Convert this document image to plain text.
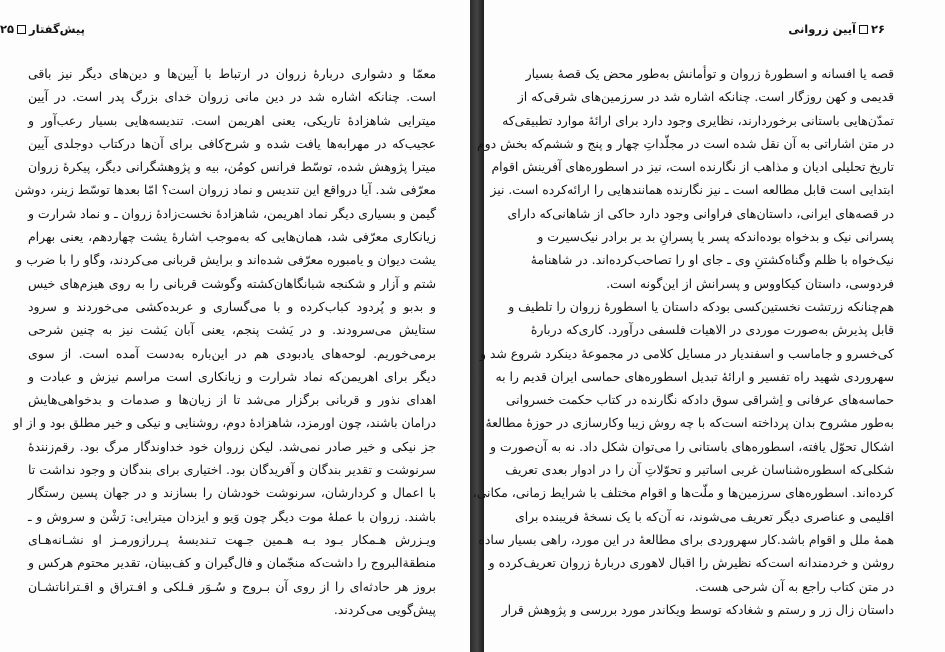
پیش‌گفتار۲۵
معمّا و دشواری دربارهٔ زروان در ارتباط با آیین‌ها و دین‌های دیگر نیز باقی
است. چنانکه اشاره شد در دین مانی زروان خدای بزرگ پدر است. در آیین
میترایی شاهزادهٔ تاریکی، یعنی اهریمن است. تندیسه‌هایی بسیار رعب‌آور و
عجیب‌که در مهرابه‌ها یافت شده و شرح‌کافی برای آن‌ها درکتاب دوجلدی آیین
میترا پژوهش شده، توسّط فرانس کومُن، بیه و پژوهشگرانی دیگر، پیکرهٔ زروان
معرّفی شد. آیا درواقع این تندیس و نماد زروان است؟ امّا بعدها توسّط زینر، دوشن
گیمن و بسیاری دیگر نماد اهریمن، شاهزادهٔ نخست‌زادهٔ زروان ـ و نماد شرارت و
زیانکاری معرّفی شد، همان‌هایی که به‌موجب اشارهٔ یشت چهاردهم، یعنی بهرام
یشت دیوان و یامبوره معرّفی شده‌اند و برایش قربانی می‌کردند، وگاو را با ضرب و
شتم و آزار و شکنجه شبانگاهان‌کشته وگوشت قربانی را به روی هیزم‌های خیس
و بدبو و پُردود کباب‌کرده و با می‌گساری و عربده‌کشی می‌خوردند و سرود
ستایش می‌سرودند. و در یَشت پنجم، یعنی آبان یَشت نیز به چنین شرحی
برمی‌خوریم. لوحه‌های یادبودی هم در این‌باره به‌دست آمده است. از سوی
دیگر برای اهریمن‌که نماد شرارت و زیانکاری است مراسم نیزش و عبادت و
اهدای نذور و قربانی برگزار می‌شد تا از زیان‌ها و صدمات و بدخواهی‌هایش
درامان باشند، چون اورمزد، شاهزادهٔ دوم، روشنایی و نیکی و خیر مطلق بود و از او
جز نیکی و خیر صادر نمی‌شد. لیکن زروان خود خداوندگار مرگ بود. رقم‌زنندهٔ
سرنوشت و تقدیر بندگان و آفریدگان بود. اختیاری برای بندگان و وجود نداشت تا
با اعمال و کردارشان، سرنوشت خودشان را بسازند و در جهان پسین رستگار
باشند. زروان با عملهٔ موت دیگر چون وَیو و ایزدان میترایی: رَشْن و سروش و ـ
ویـزرش هـمکار بـود بـه هـمین جـهت تـندیسهٔ پـررازورمـز او نشـانه‌هـای
منطقةالبروج را داشت‌که منجّمان و فال‌گیران و کف‌بینان، تقدیر محتوم هرکس و
بروز هر حادثه‌ای را از روی آن بـروج و سُـوَر فـلکی و افـتراق و اقـتراناتشـان
پیش‌گویی می‌کردند.
۲۶آیین زروانی
قصه یا افسانه و اسطورهٔ زروان و توأمانش به‌طور محض یک قصهٔ بسیار
قدیمی و کهن روزگار است. چنانکه اشاره شد در سرزمین‌های شرقی‌که از
تمدّن‌هایی باستانی برخوردارند، نظایری وجود دارد برای ارائهٔ موارد تطبیقی‌که
در متن اشاراتی به آن نقل شده است در مجلّداتِ چهار و پنج و ششم‌که بخش دوم
تاریخ تحلیلی ادیان و مذاهب از نگارنده است، نیز در اسطوره‌های آفرینش اقوام
ابتدایی است قابل مطالعه است ـ نیز نگارنده همانندهایی را ارائه‌کرده است. نیز
در قصه‌های ایرانی، داستان‌های فراوانی وجود دارد حاکی از شاهانی‌که دارای
پسرانی نیک و بدخواه بوده‌اندکه پسر یا پسرانِ بد بر برادر نیک‌سیرت و
نیک‌خواه با ظلم وگناه‌کشتنِ وی ـ جای او را تصاحب‌کرده‌اند. در شاهنامهٔ
فردوسی، داستان کیکاووس و پسرانش از این‌گونه است.
هم‌چنانکه زرتشت نخستین‌کسی بودکه داستان یا اسطورهٔ زروان را تلطیف و
قابل پذیرش به‌صورت موردی در الاهیات فلسفی درآورد. کاری‌که دربارهٔ
کی‌خسرو و جاماسب و اسفندیار در مسایل کلامی در مجموعهٔ دینکرد شروع شد و
سهروردی شهید راه تفسیر و ارائهٔ تبدیل اسطوره‌های حماسی ایران قدیم را به
حماسه‌های عرفانی و اِشراقی سوق داد‌که نگارنده در کتاب حکمت خسروانی
به‌طور مشروح بدان پرداخته است‌که با چه روش زیبا وکارسازی در حوزهٔ مطالعهٔ
اشکال تحوّل یافته، اسطوره‌های باستانی را می‌توان شکل داد. نه به آن‌صورت و
شکلی‌که اسطوره‌شناسان غربی اساتیر و تحوّلاتِ آن را در ادوار بعدی تعریف
کرده‌اند. اسطوره‌های سرزمین‌ها و ملّت‌ها و اقوام مختلف با شرایط زمانی، مکانی،
اقلیمی و عناصری دیگر تعریف می‌شوند، نه آن‌که با یک نسخهٔ فریبنده برای
همهٔ ملل و اقوام باشد.کار سهروردی برای مطالعهٔ در این مورد، راهی بسیار ساده
روشن و خردمندانه است‌که نظیرش را اقبال لاهوری دربارهٔ زروان تعریف‌کرده و
در متن کتاب راجع به آن شرحی هست.
داستان زال زر و رستم و شغاد‌که توسط ویکاندر مورد بررسی و پژوهش قرار
